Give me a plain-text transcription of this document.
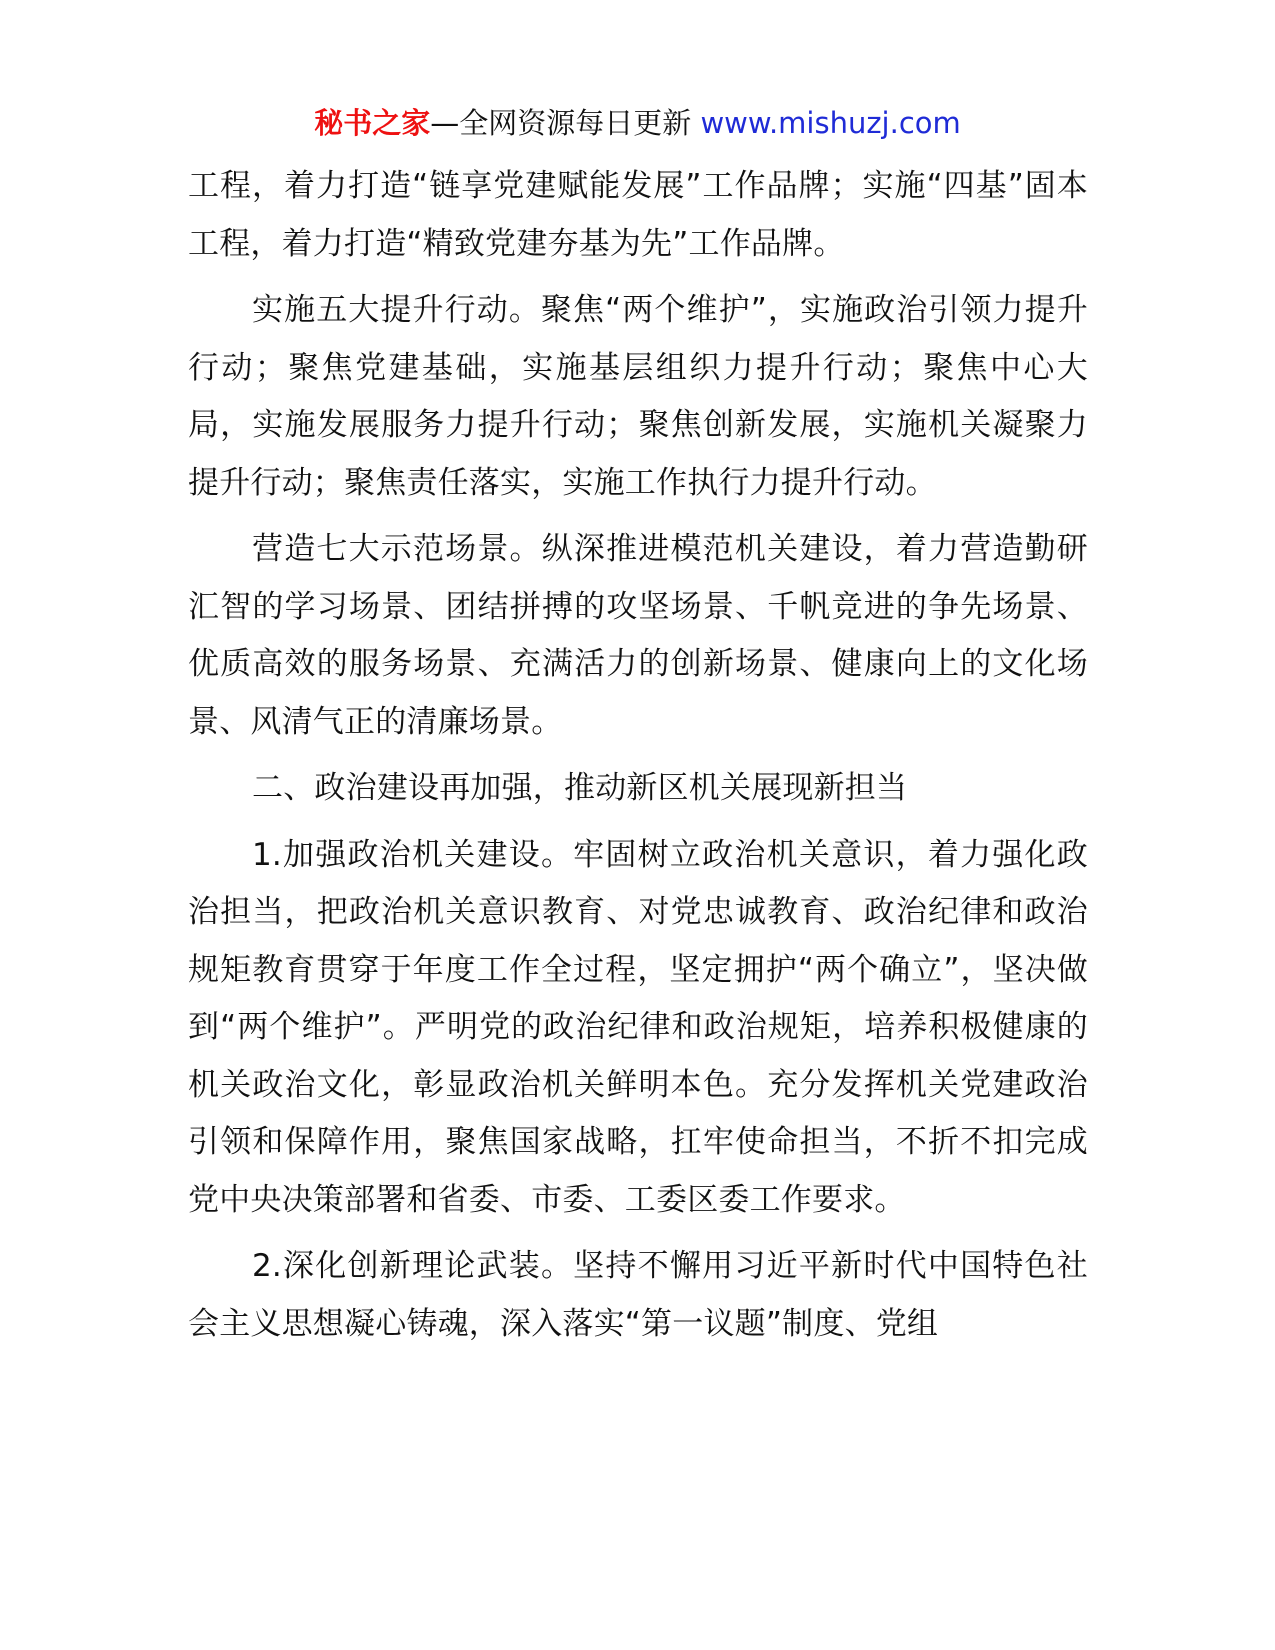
秘书之家—全网资源每日更新 www.mishuzj.com

工程，着力打造“链享党建赋能发展”工作品牌；实施“四基”固本工程，着力打造“精致党建夯基为先”工作品牌。

实施五大提升行动。聚焦“两个维护”，实施政治引领力提升行动；聚焦党建基础，实施基层组织力提升行动；聚焦中心大局，实施发展服务力提升行动；聚焦创新发展，实施机关凝聚力提升行动；聚焦责任落实，实施工作执行力提升行动。

营造七大示范场景。纵深推进模范机关建设，着力营造勤研汇智的学习场景、团结拼搏的攻坚场景、千帆竞进的争先场景、优质高效的服务场景、充满活力的创新场景、健康向上的文化场景、风清气正的清廉场景。

二、政治建设再加强，推动新区机关展现新担当

1.加强政治机关建设。牢固树立政治机关意识，着力强化政治担当，把政治机关意识教育、对党忠诚教育、政治纪律和政治规矩教育贯穿于年度工作全过程，坚定拥护“两个确立”，坚决做到“两个维护”。严明党的政治纪律和政治规矩，培养积极健康的机关政治文化，彰显政治机关鲜明本色。充分发挥机关党建政治引领和保障作用，聚焦国家战略，扛牢使命担当，不折不扣完成党中央决策部署和省委、市委、工委区委工作要求。

2.深化创新理论武装。坚持不懈用习近平新时代中国特色社会主义思想凝心铸魂，深入落实“第一议题”制度、党组
